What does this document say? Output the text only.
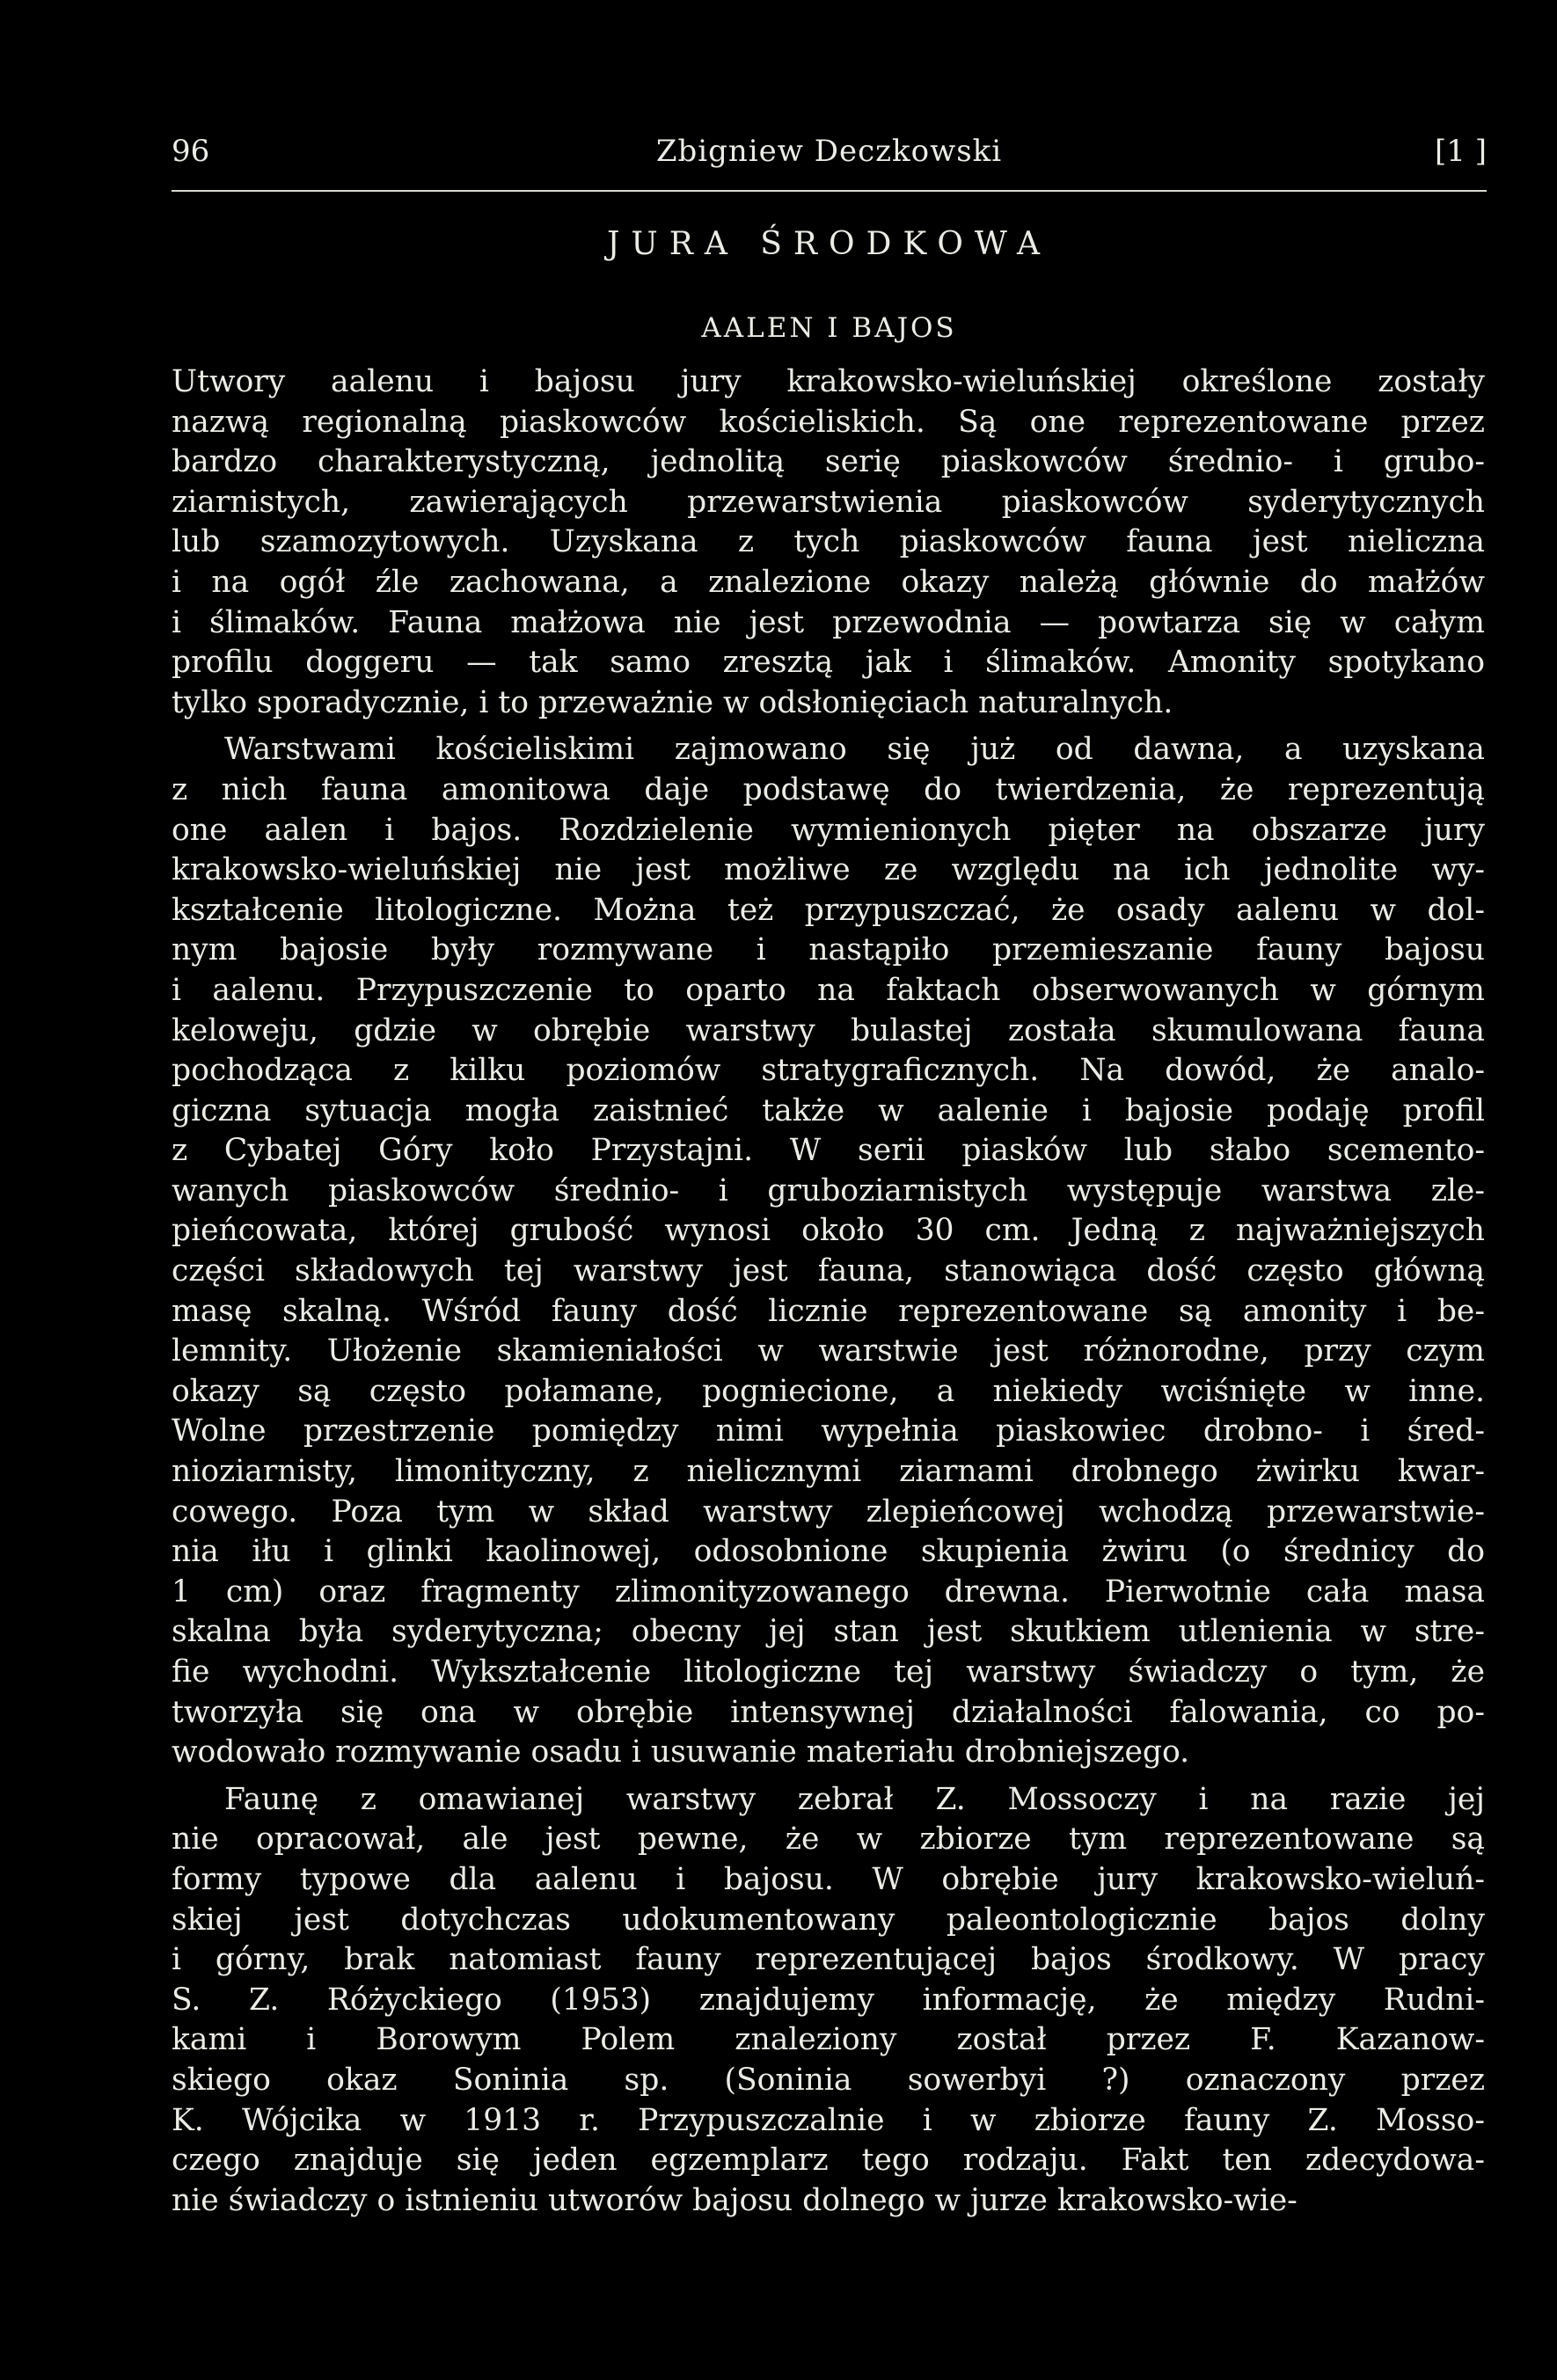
96	Zbigniew Deczkowski	[1 ]
JURA ŚRODKOWA
AALEN I BAJOS
Utwory aalenu i bajosu jury krakowsko-wieluńskiej określone zostały
nazwą regionalną piaskowców kościeliskich. Są one reprezentowane przez
bardzo charakterystyczną, jednolitą serię piaskowców średnio- i grubo-
ziarnistych, zawierających przewarstwienia piaskowców syderytycznych
lub szamozytowych. Uzyskana z tych piaskowców fauna jest nieliczna
i na ogół źle zachowana, a znalezione okazy należą głównie do małżów
i ślimaków. Fauna małżowa nie jest przewodnia — powtarza się w całym
profilu doggeru — tak samo zresztą jak i ślimaków. Amonity spotykano
tylko sporadycznie, i to przeważnie w odsłonięciach naturalnych.
Warstwami kościeliskimi zajmowano się już od dawna, a uzyskana
z nich fauna amonitowa daje podstawę do twierdzenia, że reprezentują
one aalen i bajos. Rozdzielenie wymienionych pięter na obszarze jury
krakowsko-wieluńskiej nie jest możliwe ze względu na ich jednolite wy-
kształcenie litologiczne. Można też przypuszczać, że osady aalenu w dol-
nym bajosie były rozmywane i nastąpiło przemieszanie fauny bajosu
i aalenu. Przypuszczenie to oparto na faktach obserwowanych w górnym
keloweju, gdzie w obrębie warstwy bulastej została skumulowana fauna
pochodząca z kilku poziomów stratygraficznych. Na dowód, że analo-
giczna sytuacja mogła zaistnieć także w aalenie i bajosie podaję profil
z Cybatej Góry koło Przystajni. W serii piasków lub słabo scemento-
wanych piaskowców średnio- i gruboziarnistych występuje warstwa zle-
pieńcowata, której grubość wynosi około 30 cm. Jedną z najważniejszych
części składowych tej warstwy jest fauna, stanowiąca dość często główną
masę skalną. Wśród fauny dość licznie reprezentowane są amonity i be-
lemnity. Ułożenie skamieniałości w warstwie jest różnorodne, przy czym
okazy są często połamane, pogniecione, a niekiedy wciśnięte w inne.
Wolne przestrzenie pomiędzy nimi wypełnia piaskowiec drobno- i śred-
nioziarnisty, limonityczny, z nielicznymi ziarnami drobnego żwirku kwar-
cowego. Poza tym w skład warstwy zlepieńcowej wchodzą przewarstwie-
nia iłu i glinki kaolinowej, odosobnione skupienia żwiru (o średnicy do
1 cm) oraz fragmenty zlimonityzowanego drewna. Pierwotnie cała masa
skalna była syderytyczna; obecny jej stan jest skutkiem utlenienia w stre-
fie wychodni. Wykształcenie litologiczne tej warstwy świadczy o tym, że
tworzyła się ona w obrębie intensywnej działalności falowania, co po-
wodowało rozmywanie osadu i usuwanie materiału drobniejszego.
Faunę z omawianej warstwy zebrał Z. Mossoczy i na razie jej
nie opracował, ale jest pewne, że w zbiorze tym reprezentowane są
formy typowe dla aalenu i bajosu. W obrębie jury krakowsko-wieluń-
skiej jest dotychczas udokumentowany paleontologicznie bajos dolny
i górny, brak natomiast fauny reprezentującej bajos środkowy. W pracy
S. Z. Różyckiego (1953) znajdujemy informację, że między Rudni-
kami i Borowym Polem znaleziony został przez F. Kazanow-
skiego okaz Soninia sp. (Soninia sowerbyi ?) oznaczony przez
K. Wójcika w 1913 r. Przypuszczalnie i w zbiorze fauny Z. Mosso-
czego znajduje się jeden egzemplarz tego rodzaju. Fakt ten zdecydowa-
nie świadczy o istnieniu utworów bajosu dolnego w jurze krakowsko-wie-
